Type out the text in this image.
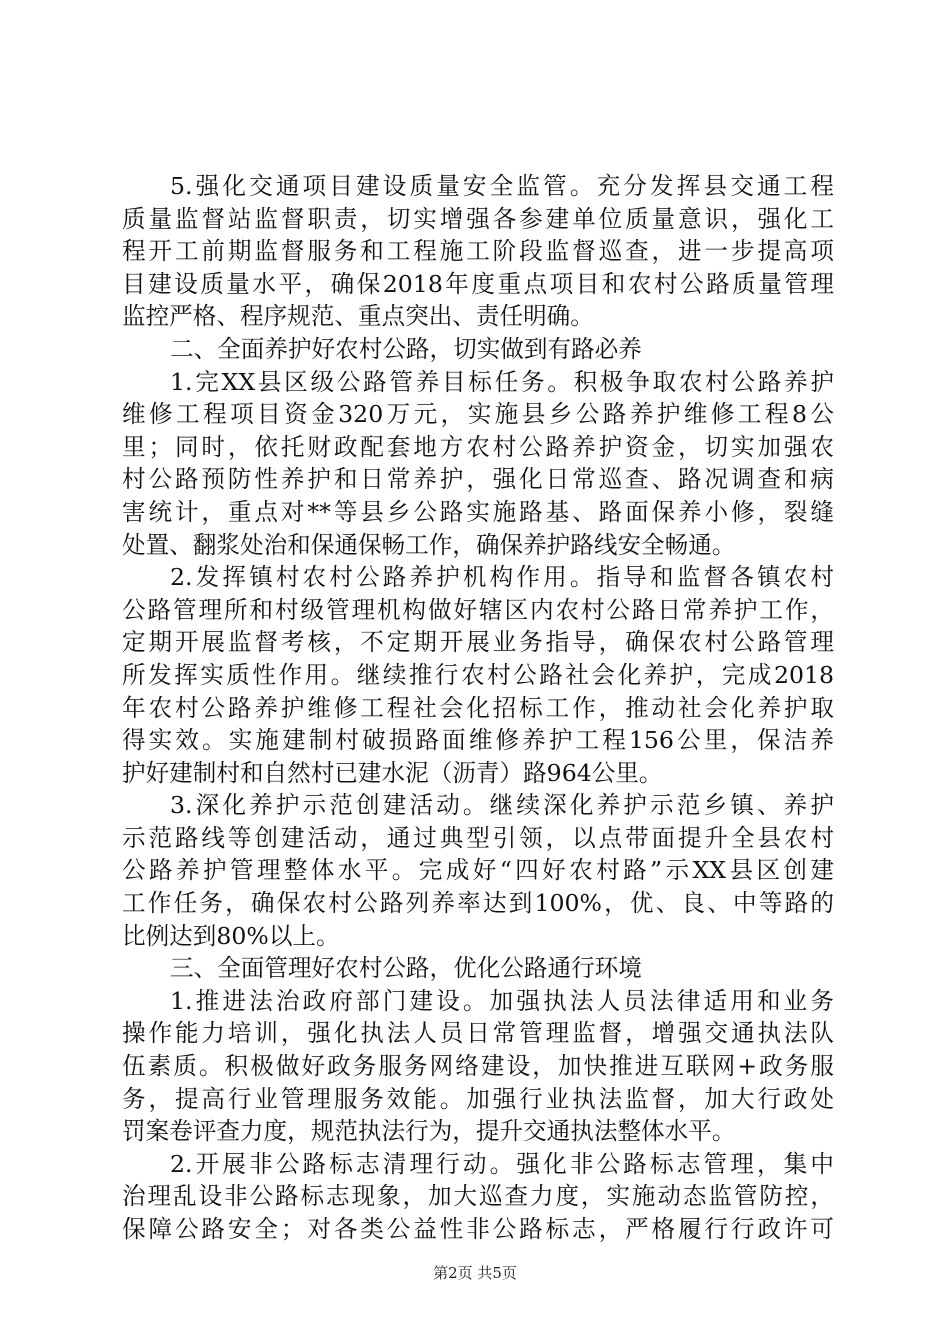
5.强化交通项目建设质量安全监管。充分发挥县交通工程
质量监督站监督职责，切实增强各参建单位质量意识，强化工
程开工前期监督服务和工程施工阶段监督巡查，进一步提高项
目建设质量水平，确保2018年度重点项目和农村公路质量管理
监控严格、程序规范、重点突出、责任明确。
二、全面养护好农村公路，切实做到有路必养
1.完XX县区级公路管养目标任务。积极争取农村公路养护
维修工程项目资金320万元，实施县乡公路养护维修工程8公
里；同时，依托财政配套地方农村公路养护资金，切实加强农
村公路预防性养护和日常养护，强化日常巡查、路况调查和病
害统计，重点对**等县乡公路实施路基、路面保养小修，裂缝
处置、翻浆处治和保通保畅工作，确保养护路线安全畅通。
2.发挥镇村农村公路养护机构作用。指导和监督各镇农村
公路管理所和村级管理机构做好辖区内农村公路日常养护工作，
定期开展监督考核，不定期开展业务指导，确保农村公路管理
所发挥实质性作用。继续推行农村公路社会化养护，完成2018
年农村公路养护维修工程社会化招标工作，推动社会化养护取
得实效。实施建制村破损路面维修养护工程156公里，保洁养
护好建制村和自然村已建水泥（沥青）路964公里。
3.深化养护示范创建活动。继续深化养护示范乡镇、养护
示范路线等创建活动，通过典型引领，以点带面提升全县农村
公路养护管理整体水平。完成好“四好农村路”示XX县区创建
工作任务，确保农村公路列养率达到100%，优、良、中等路的
比例达到80%以上。
三、全面管理好农村公路，优化公路通行环境
1.推进法治政府部门建设。加强执法人员法律适用和业务
操作能力培训，强化执法人员日常管理监督，增强交通执法队
伍素质。积极做好政务服务网络建设，加快推进互联网+政务服
务，提高行业管理服务效能。加强行业执法监督，加大行政处
罚案卷评查力度，规范执法行为，提升交通执法整体水平。
2.开展非公路标志清理行动。强化非公路标志管理，集中
治理乱设非公路标志现象，加大巡查力度，实施动态监管防控，
保障公路安全；对各类公益性非公路标志，严格履行行政许可
第2页 共5页
